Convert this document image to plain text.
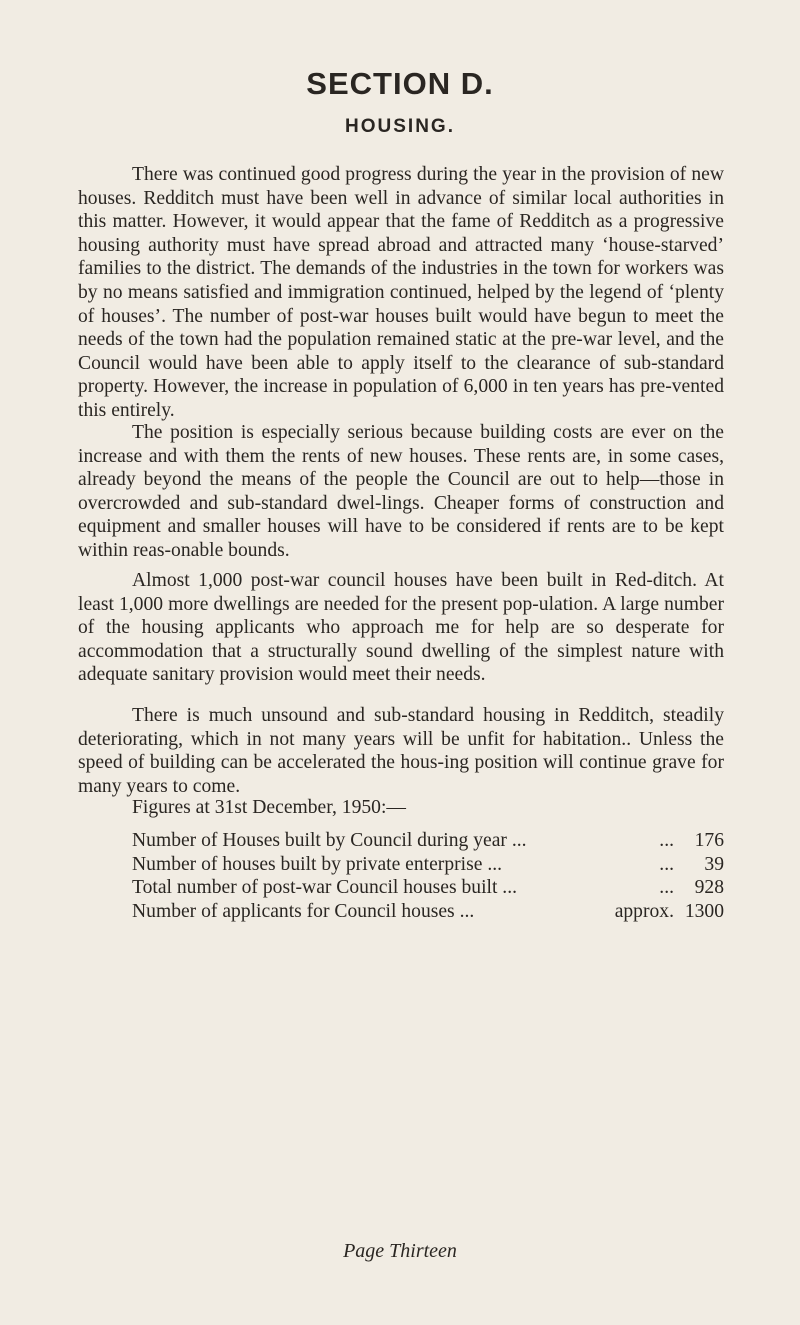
SECTION D.
HOUSING.

There was continued good progress during the year in the provision of new houses. Redditch must have been well in advance of similar local authorities in this matter. However, it would appear that the fame of Redditch as a progressive housing authority must have spread abroad and attracted many ‘house-starved’ families to the district. The demands of the industries in the town for workers was by no means satisfied and immigration continued, helped by the legend of ‘plenty of houses’. The number of post-war houses built would have begun to meet the needs of the town had the population remained static at the pre-war level, and the Council would have been able to apply itself to the clearance of sub-standard property. However, the increase in population of 6,000 in ten years has pre-vented this entirely.

The position is especially serious because building costs are ever on the increase and with them the rents of new houses. These rents are, in some cases, already beyond the means of the people the Council are out to help—those in overcrowded and sub-standard dwel-lings. Cheaper forms of construction and equipment and smaller houses will have to be considered if rents are to be kept within reas-onable bounds.

Almost 1,000 post-war council houses have been built in Red-ditch. At least 1,000 more dwellings are needed for the present pop-ulation. A large number of the housing applicants who approach me for help are so desperate for accommodation that a structurally sound dwelling of the simplest nature with adequate sanitary provision would meet their needs.

There is much unsound and sub-standard housing in Redditch, steadily deteriorating, which in not many years will be unfit for habitation.. Unless the speed of building can be accelerated the hous-ing position will continue grave for many years to come.

Figures at 31st December, 1950:—

Number of Houses built by Council during year ...	...	176
Number of houses built by private enterprise ...	...	39
Total number of post-war Council houses built ...	...	928
Number of applicants for Council houses ...	approx.	1300

Page Thirteen
